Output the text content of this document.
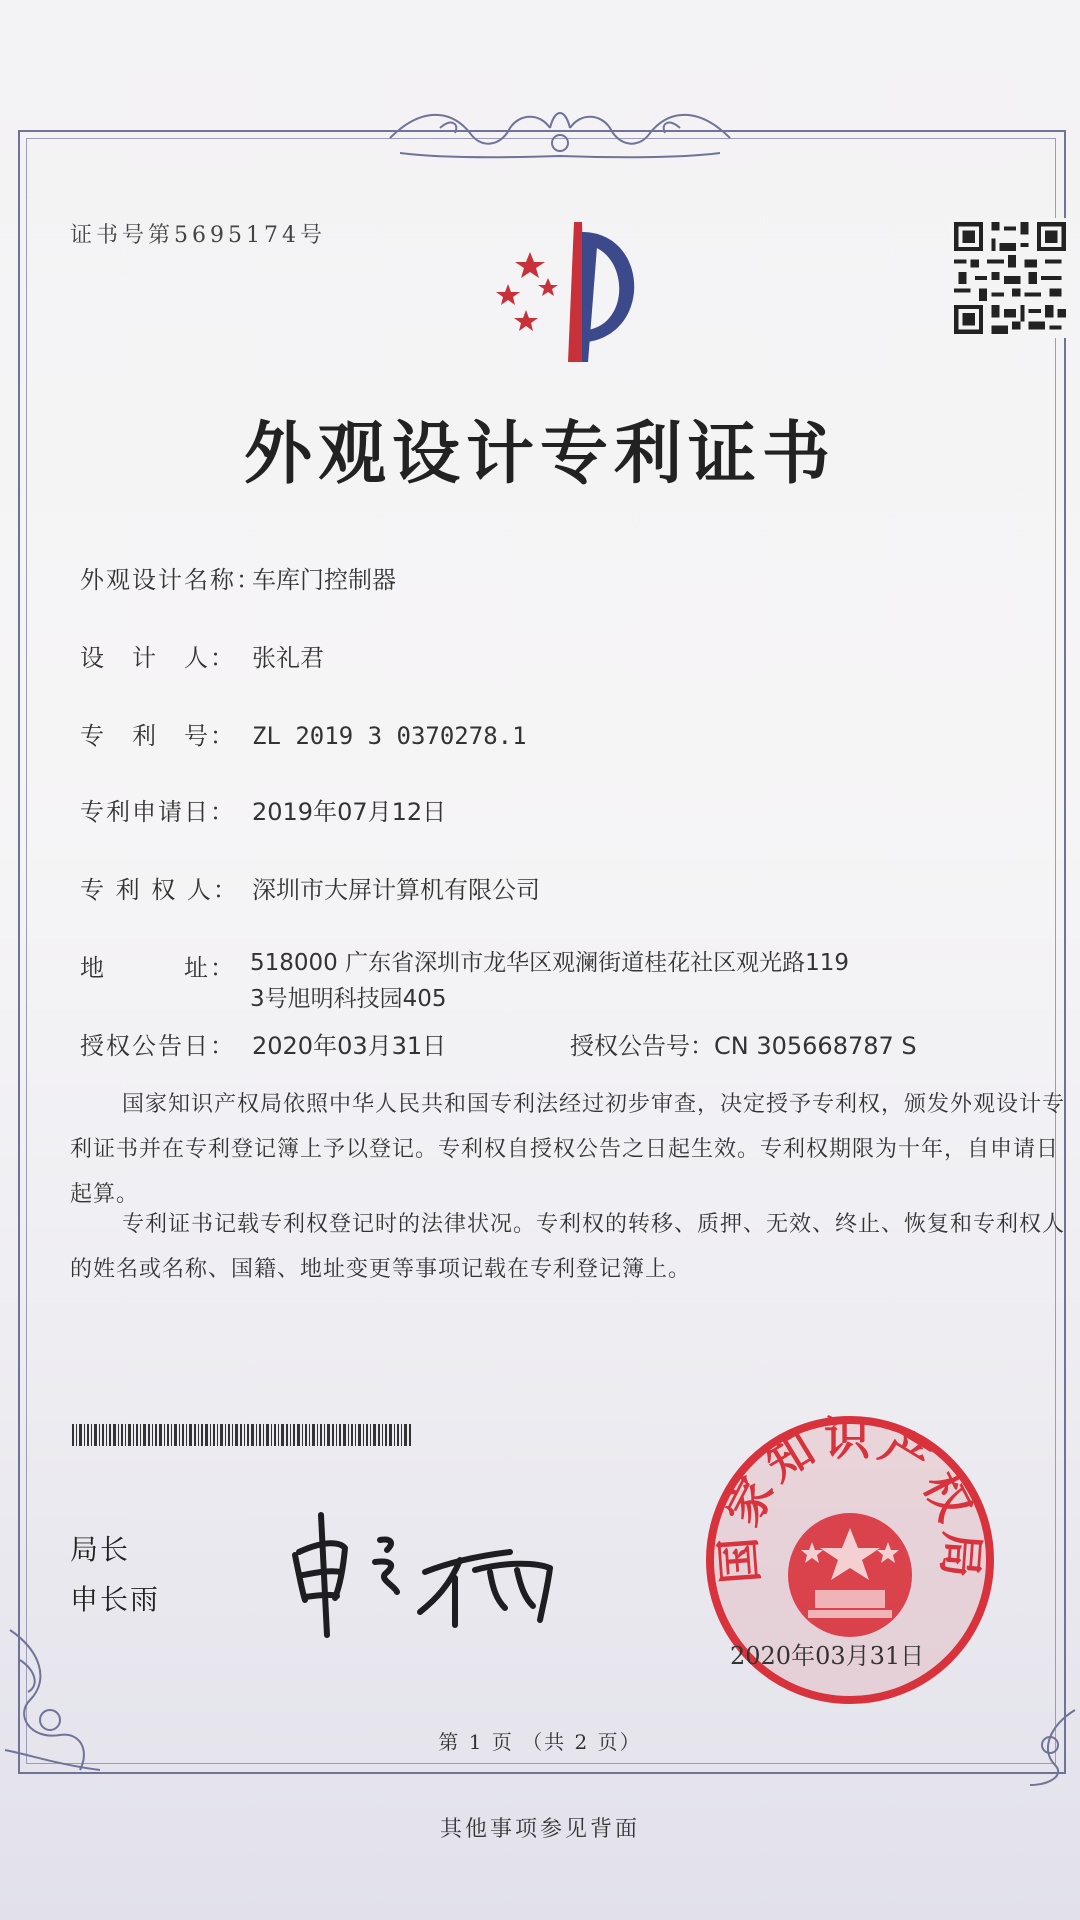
证书号第5695174号
外观设计专利证书
外观设计名称：车库门控制器
设　计　人： 张礼君
专　利　号： ZL 2019 3 0370278.1
专利申请日： 2019年07月12日
专 利 权 人： 深圳市大屏计算机有限公司
地　　　址： 518000 广东省深圳市龙华区观澜街道桂花社区观光路119
3号旭明科技园405
授权公告日： 2020年03月31日	授权公告号：CN 305668787 S
国家知识产权局依照中华人民共和国专利法经过初步审查，决定授予专利权，颁发外观设计专利证书并在专利登记簿上予以登记。专利权自授权公告之日起生效。专利权期限为十年，自申请日起算。
专利证书记载专利权登记时的法律状况。专利权的转移、质押、无效、终止、恢复和专利权人的姓名或名称、国籍、地址变更等事项记载在专利登记簿上。
局长
申长雨
国家知识产权局
2020年03月31日
第 1 页 （共 2 页）
其他事项参见背面
